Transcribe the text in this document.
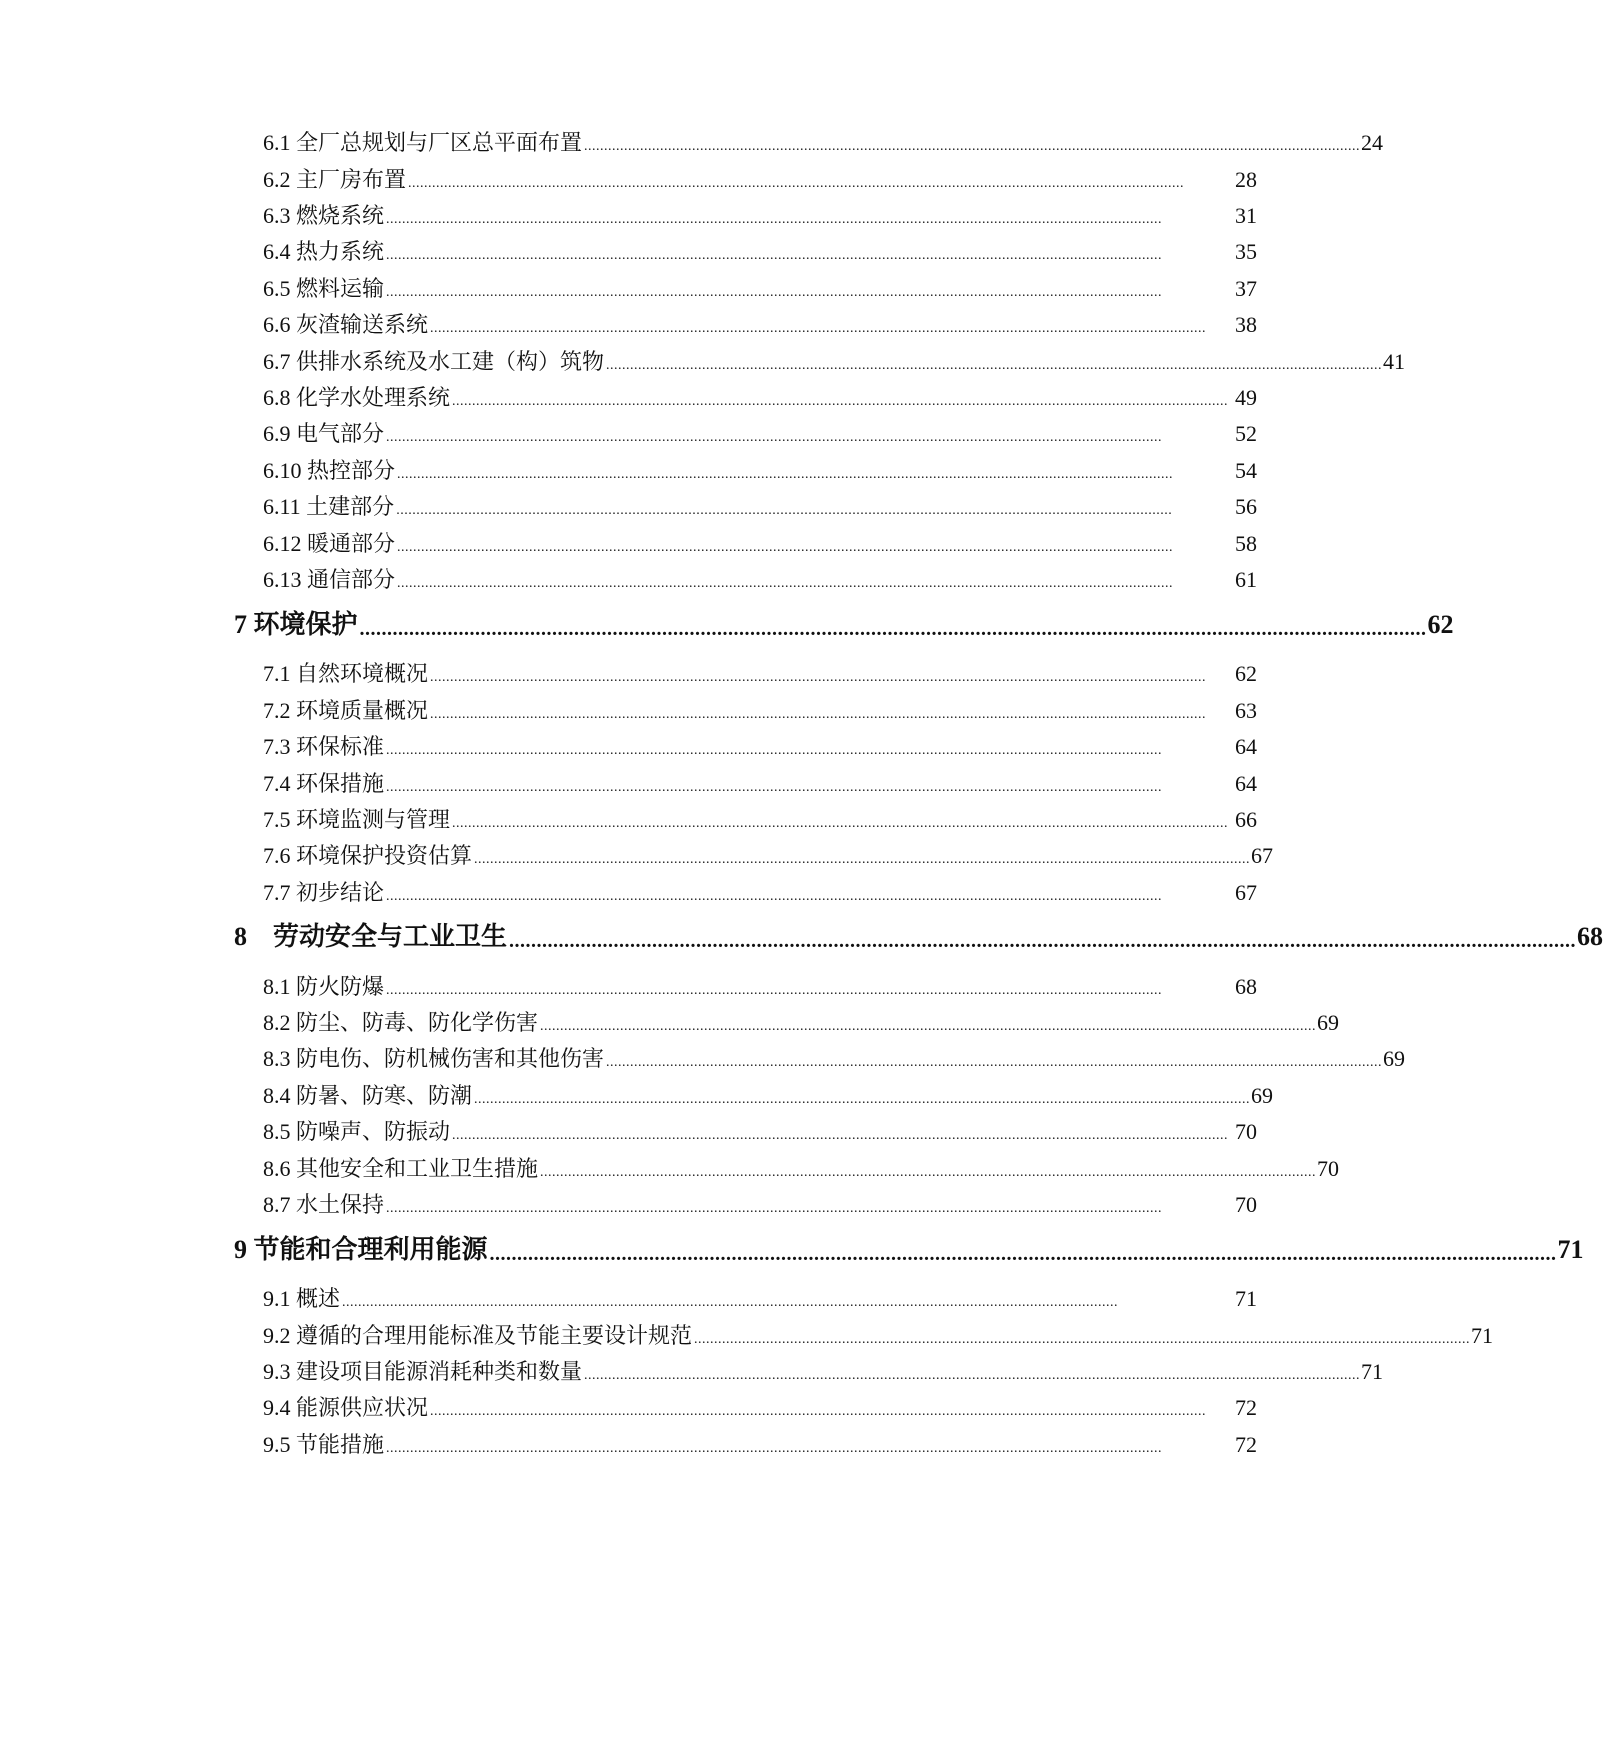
6.1 全厂总规划与厂区总平面布置 .................................................................................................................................................................................................. 24
6.2 主厂房布置 ..................................................................................................................................................................................................	28
6.3 燃烧系统 ..................................................................................................................................................................................................	31
6.4 热力系统 ..................................................................................................................................................................................................	35
6.5 燃料运输 ..................................................................................................................................................................................................	37
6.6 灰渣输送系统 ..................................................................................................................................................................................................	38
6.7 供排水系统及水工建（构）筑物 .................................................................................................................................................................................................. 41
6.8 化学水处理系统 .................................................................................................................................................................................................. 49
6.9 电气部分 ..................................................................................................................................................................................................	52
6.10 热控部分 ..................................................................................................................................................................................................	54
6.11 土建部分 ..................................................................................................................................................................................................	56
6.12 暖通部分 ..................................................................................................................................................................................................	58
6.13 通信部分 ..................................................................................................................................................................................................	61
7 环境保护 .................................................................................................................................................................................................. 62
7.1 自然环境概况 ..................................................................................................................................................................................................	62
7.2 环境质量概况 ..................................................................................................................................................................................................	63
7.3 环保标准 ..................................................................................................................................................................................................	64
7.4 环保措施 ..................................................................................................................................................................................................	64
7.5 环境监测与管理 .................................................................................................................................................................................................. 66
7.6 环境保护投资估算 .................................................................................................................................................................................................. 67
7.7 初步结论 ..................................................................................................................................................................................................	67
8    劳动安全与工业卫生 .................................................................................................................................................................................................. 68
8.1 防火防爆 ..................................................................................................................................................................................................	68
8.2 防尘、防毒、防化学伤害 .................................................................................................................................................................................................. 69
8.3 防电伤、防机械伤害和其他伤害 .................................................................................................................................................................................................. 69
8.4 防暑、防寒、防潮 .................................................................................................................................................................................................. 69
8.5 防噪声、防振动 .................................................................................................................................................................................................. 70
8.6 其他安全和工业卫生措施 .................................................................................................................................................................................................. 70
8.7 水土保持 ..................................................................................................................................................................................................	70
9 节能和合理利用能源 .................................................................................................................................................................................................. 71
9.1 概述 ..................................................................................................................................................................................................	71
9.2 遵循的合理用能标准及节能主要设计规范 .................................................................................................................................................................................................. 71
9.3 建设项目能源消耗种类和数量 .................................................................................................................................................................................................. 71
9.4 能源供应状况 ..................................................................................................................................................................................................	72
9.5 节能措施 ..................................................................................................................................................................................................	72
